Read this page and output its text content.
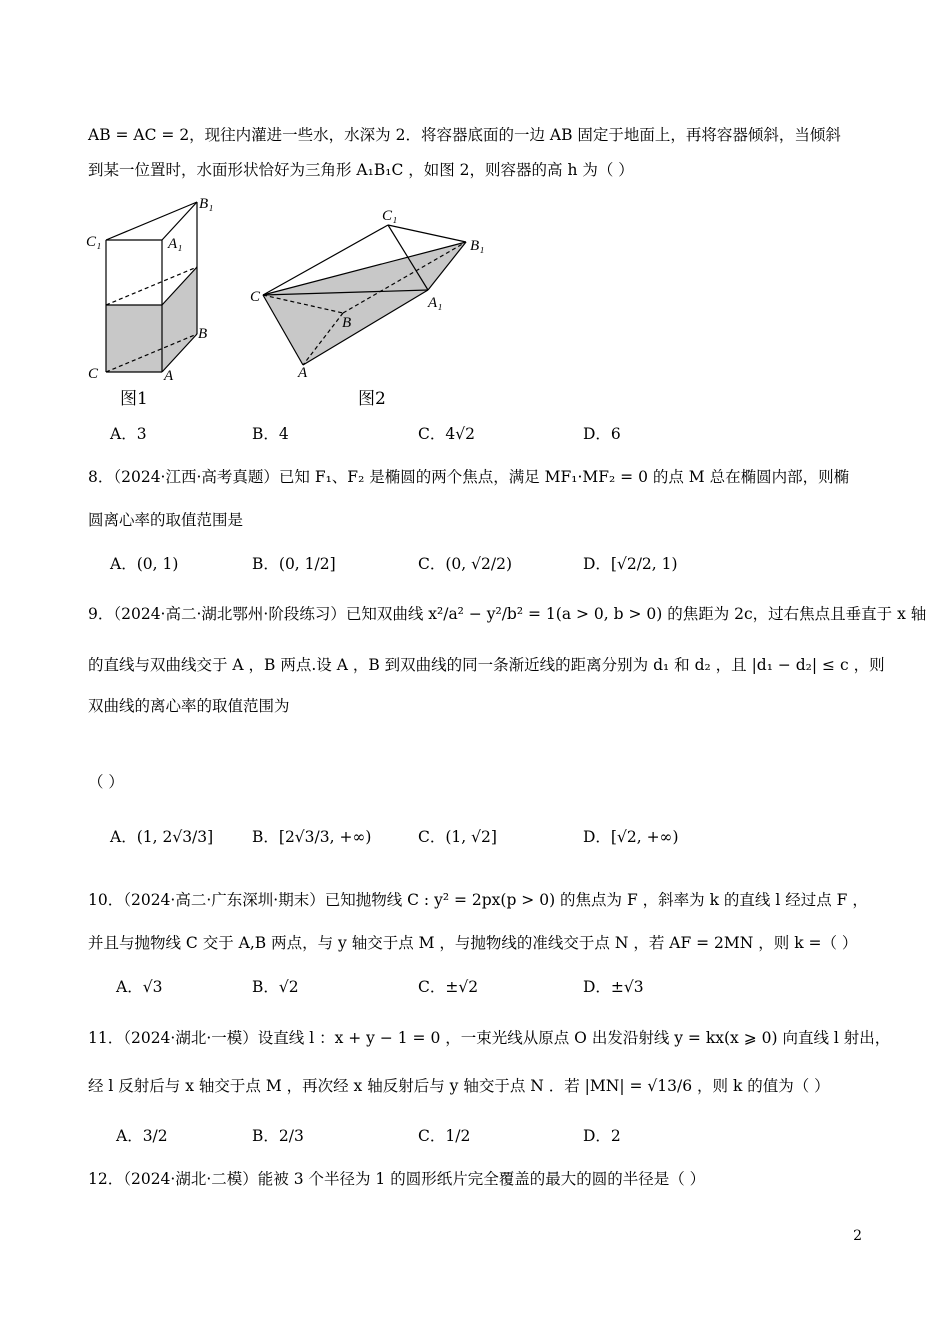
AB = AC = 2，现往内灌进一些水，水深为 2．将容器底面的一边 AB 固定于地面上，再将容器倾斜，当倾斜
到某一位置时，水面形状恰好为三角形 A₁B₁C ，如图 2，则容器的高 h 为（ ）
B₁
C₁	A₁
B
C	A
图1
C₁
B₁
C	A₁
B
A
图2
A．3	B．4	C．4√2	D．6
8．（2024·江西·高考真题）已知 F₁、F₂ 是椭圆的两个焦点，满足 MF₁·MF₂ = 0 的点 M 总在椭圆内部，则椭
圆离心率的取值范围是
A．(0, 1)	B．(0, 1/2]	C．(0, √2/2)	D．[√2/2, 1)
9．（2024·高二·湖北鄂州·阶段练习）已知双曲线 x²/a² − y²/b² = 1(a > 0, b > 0) 的焦距为 2c，过右焦点且垂直于 x 轴
的直线与双曲线交于 A ，B 两点.设 A ，B 到双曲线的同一条渐近线的距离分别为 d₁ 和 d₂ ，且 |d₁ − d₂| ≤ c ，则
双曲线的离心率的取值范围为
（ ）
A．(1, 2√3/3]	B．[2√3/3, +∞)	C．(1, √2]	D．[√2, +∞)
10．（2024·高二·广东深圳·期末）已知抛物线 C : y² = 2px(p > 0) 的焦点为 F ，斜率为 k 的直线 l 经过点 F ，
并且与抛物线 C 交于 A,B 两点，与 y 轴交于点 M ，与抛物线的准线交于点 N ，若 AF = 2MN ，则 k =（ ）
A．√3	B．√2	C．±√2	D．±√3
11．（2024·湖北·一模）设直线 l ：x + y − 1 = 0 ，一束光线从原点 O 出发沿射线 y = kx(x ⩾ 0) 向直线 l 射出，
经 l 反射后与 x 轴交于点 M ，再次经 x 轴反射后与 y 轴交于点 N ．若 |MN| = √13/6 ，则 k 的值为（ ）
A．3/2	B．2/3	C．1/2	D．2
12．（2024·湖北·二模）能被 3 个半径为 1 的圆形纸片完全覆盖的最大的圆的半径是（ ）
2
